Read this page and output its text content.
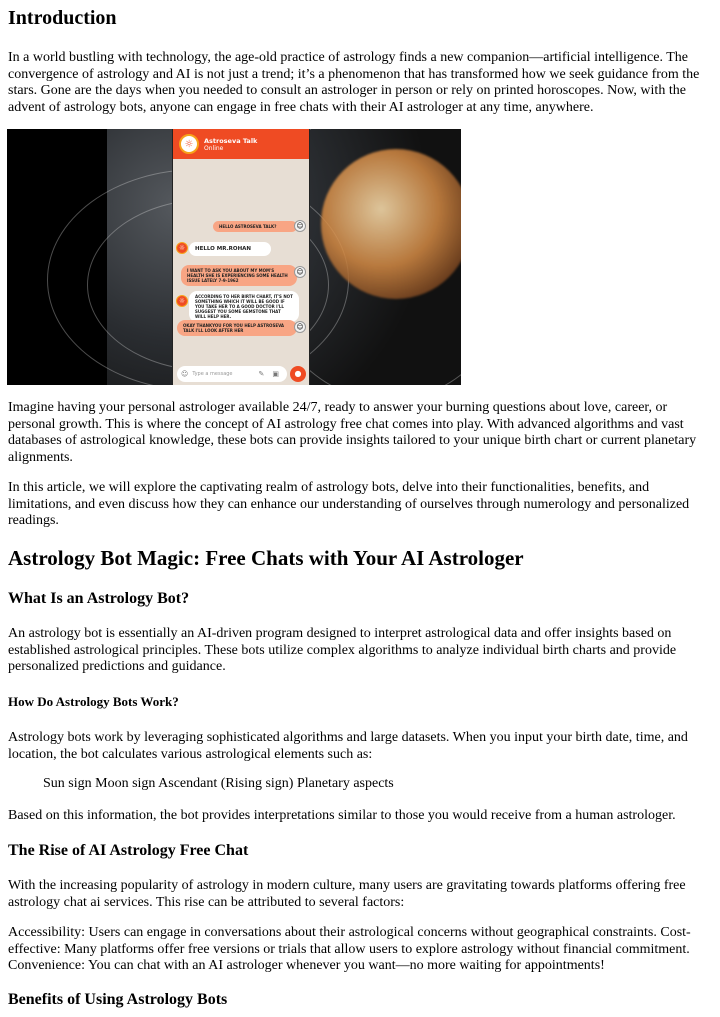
Introduction

In a world bustling with technology, the age-old practice of astrology finds a new companion—artificial intelligence. The convergence of astrology and AI is not just a trend; it’s a phenomenon that has transformed how we seek guidance from the stars. Gone are the days when you needed to consult an astrologer in person or rely on printed horoscopes. Now, with the advent of astrology bots, anyone can engage in free chats with their AI astrologer at any time, anywhere.

☼	Astroseva Talk
Online
HELLO ASTROSEVA TALK?	☺
☼	HELLO MR.ROHAN
I WANT TO ASK YOU ABOUT MY MOM'S HEALTH SHE IS EXPERIENCING SOME HEALTH ISSUE LATELY 7-9-1962
☺
☼
ACCORDING TO HER BIRTH CHART, IT'S NOT SOMETHING WHICH IT WILL BE GOOD IF YOU TAKE HER TO A GOOD DOCTOR I'LL SUGGEST YOU SOME GEMSTONE THAT WILL HELP HER.
OKAY THANKYOU FOR YOU HELP ASTROSEVA TALK I'LL LOOK AFTER HER	☺
☺ Type a message	✎ ▣	●

Imagine having your personal astrologer available 24/7, ready to answer your burning questions about love, career, or personal growth. This is where the concept of AI astrology free chat comes into play. With advanced algorithms and vast databases of astrological knowledge, these bots can provide insights tailored to your unique birth chart or current planetary alignments.

In this article, we will explore the captivating realm of astrology bots, delve into their functionalities, benefits, and limitations, and even discuss how they can enhance our understanding of ourselves through numerology and personalized readings.

Astrology Bot Magic: Free Chats with Your AI Astrologer
What Is an Astrology Bot?

An astrology bot is essentially an AI-driven program designed to interpret astrological data and offer insights based on established astrological principles. These bots utilize complex algorithms to analyze individual birth charts and provide personalized predictions and guidance.

How Do Astrology Bots Work?

Astrology bots work by leveraging sophisticated algorithms and large datasets. When you input your birth date, time, and location, the bot calculates various astrological elements such as:

Sun sign Moon sign Ascendant (Rising sign) Planetary aspects

Based on this information, the bot provides interpretations similar to those you would receive from a human astrologer.

The Rise of AI Astrology Free Chat

With the increasing popularity of astrology in modern culture, many users are gravitating towards platforms offering free astrology chat ai services. This rise can be attributed to several factors:

Accessibility: Users can engage in conversations about their astrological concerns without geographical constraints. Cost-effective: Many platforms offer free versions or trials that allow users to explore astrology without financial commitment. Convenience: You can chat with an AI astrologer whenever you want—no more waiting for appointments!

Benefits of Using Astrology Bots
